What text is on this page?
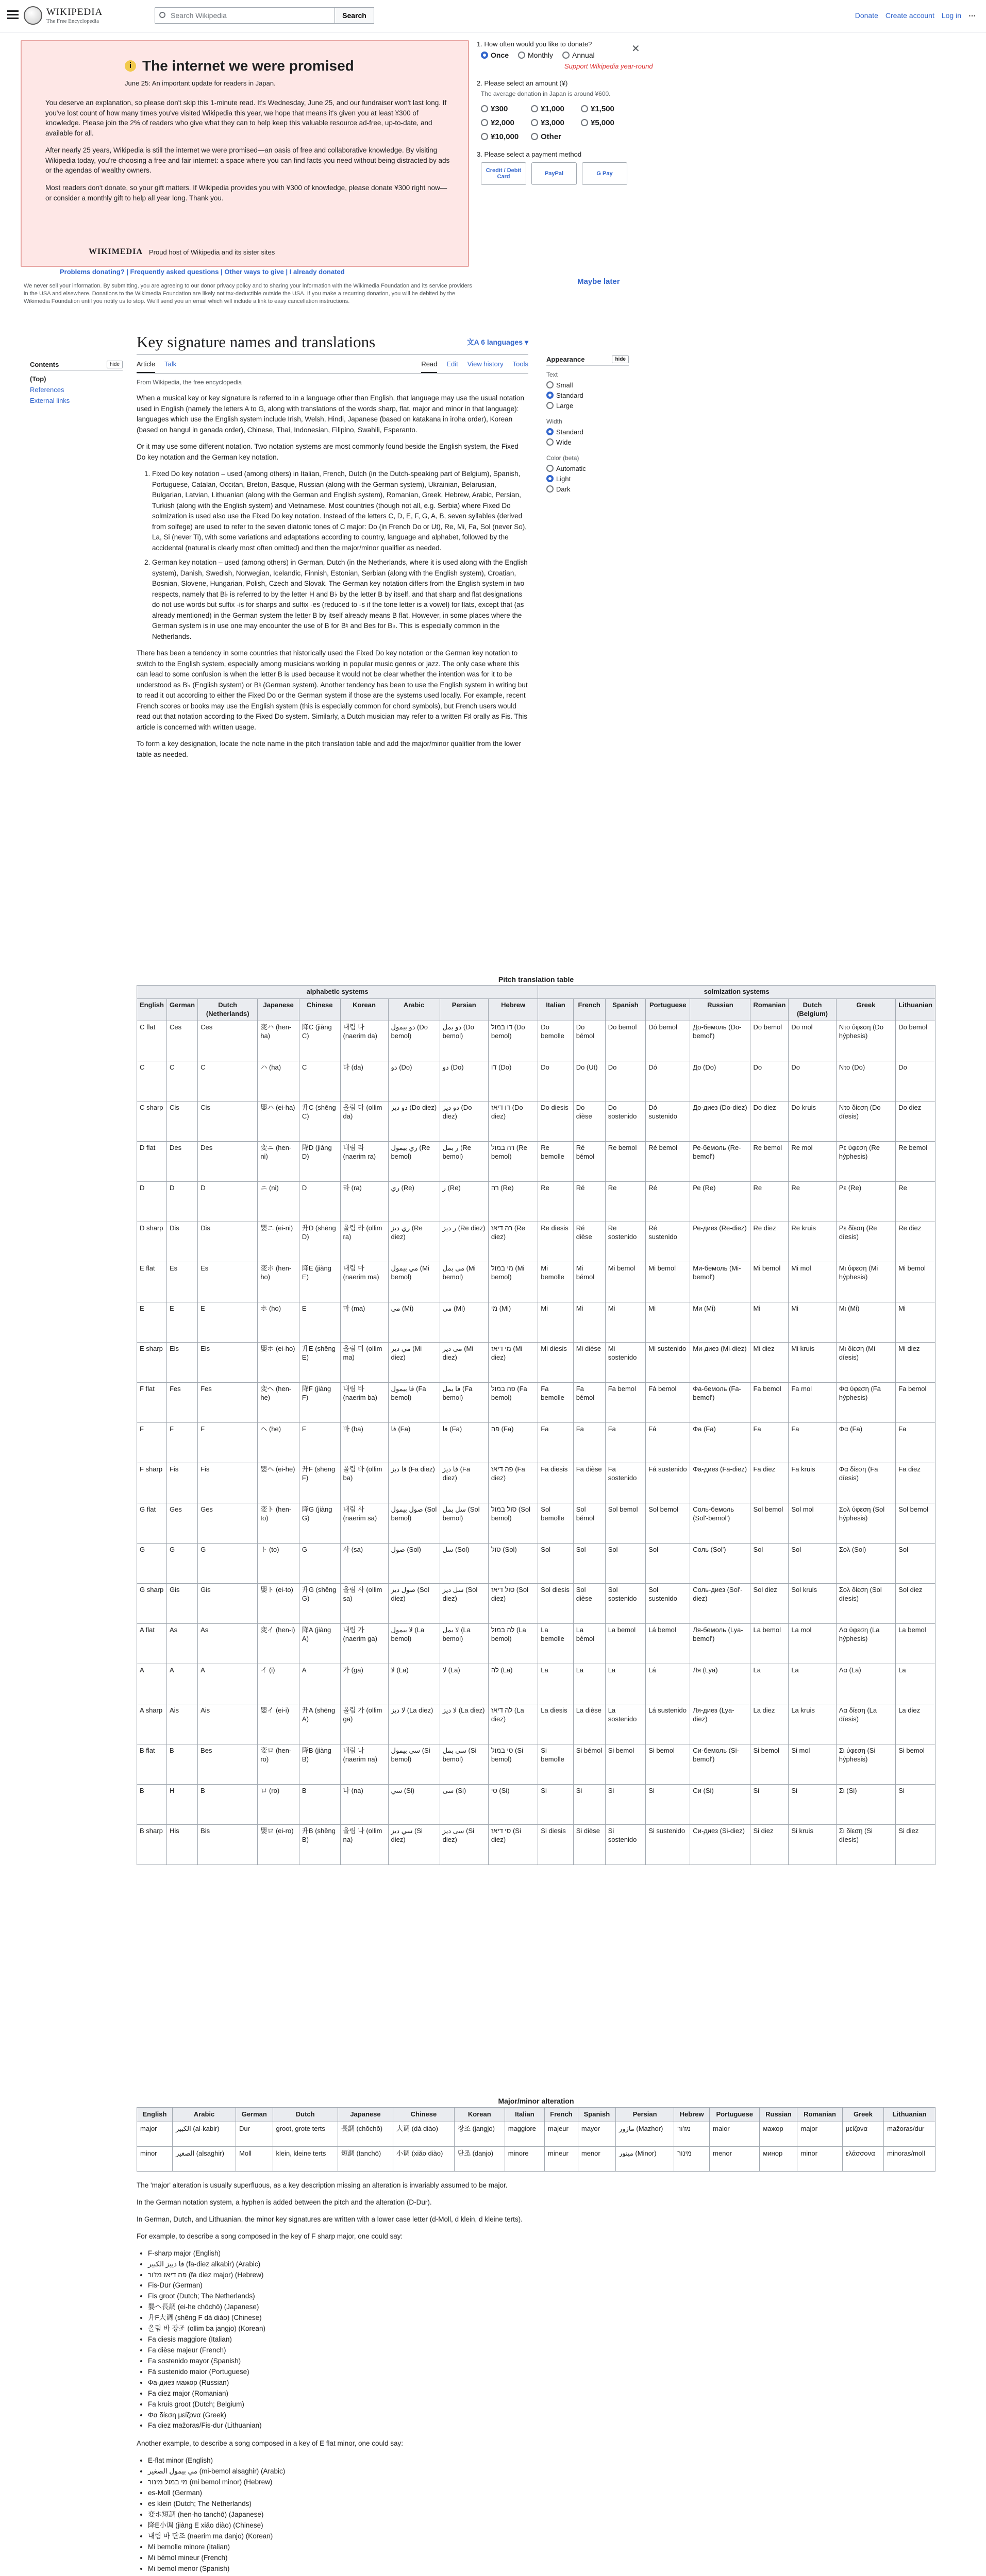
WIKIPEDIA
The Free Encyclopedia
Search Wikipedia
Search	Donate Create account Log in ⋯
i The internet we were promised
June 25: An important update for readers in Japan.

You deserve an explanation, so please don't skip this 1-minute read. It's Wednesday, June 25, and our fundraiser won't last long. If you've lost count of how many times you've visited Wikipedia this year, we hope that means it's given you at least ¥300 of knowledge. Please join the 2% of readers who give what they can to help keep this valuable resource ad-free, up-to-date, and available for all.

After nearly 25 years, Wikipedia is still the internet we were promised—an oasis of free and collaborative knowledge. By visiting Wikipedia today, you're choosing a free and fair internet: a space where you can find facts you need without being distracted by ads or the agendas of wealthy owners.

Most readers don't donate, so your gift matters. If Wikipedia provides you with ¥300 of knowledge, please donate ¥300 right now—or consider a monthly gift to help all year long. Thank you.

WIKIMEDIA Proud host of Wikipedia and its sister sites
✕
1. How often would you like to donate?
Once	Monthly	Annual
Support Wikipedia year-round
2. Please select an amount (¥)
The average donation in Japan is around ¥600.
¥300	¥1,000	¥1,500
¥2,000	¥3,000	¥5,000
¥10,000	Other
3. Please select a payment method
Credit / Debit Card	PayPal	G Pay
Maybe later
Problems donating? | Frequently asked questions | Other ways to give | I already donated
We never sell your information. By submitting, you are agreeing to our donor privacy policy and to sharing your information with the Wikimedia Foundation and its service providers in the USA and elsewhere. Donations to the Wikimedia Foundation are likely not tax-deductible outside the USA. If you make a recurring donation, you will be debited by the Wikimedia Foundation until you notify us to stop. We'll send you an email which will include a link to easy cancellation instructions.
Contents	hide
(Top)
References
External links
Key signature names and translations	文A 6 languages ▾
Article Talk	Read Edit View history Tools
From Wikipedia, the free encyclopedia

When a musical key or key signature is referred to in a language other than English, that language may use the usual notation used in English (namely the letters A to G, along with translations of the words sharp, flat, major and minor in that language): languages which use the English system include Irish, Welsh, Hindi, Japanese (based on katakana in iroha order), Korean (based on hangul in ganada order), Chinese, Thai, Indonesian, Filipino, Swahili, Esperanto.

Or it may use some different notation. Two notation systems are most commonly found beside the English system, the Fixed Do key notation and the German key notation.

1. Fixed Do key notation – used (among others) in Italian, French, Dutch (in the Dutch-speaking part of Belgium), Spanish, Portuguese, Catalan, Occitan, Breton, Basque, Russian (along with the German system), Ukrainian, Belarusian, Bulgarian, Latvian, Lithuanian (along with the German and English system), Romanian, Greek, Hebrew, Arabic, Persian, Turkish (along with the English system) and Vietnamese. Most countries (though not all, e.g. Serbia) where Fixed Do solmization is used also use the Fixed Do key notation. Instead of the letters C, D, E, F, G, A, B, seven syllables (derived from solfege) are used to refer to the seven diatonic tones of C major: Do (in French Do or Ut), Re, Mi, Fa, Sol (never So), La, Si (never Ti), with some variations and adaptations according to country, language and alphabet, followed by the accidental (natural is clearly most often omitted) and then the major/minor qualifier as needed.
2. German key notation – used (among others) in German, Dutch (in the Netherlands, where it is used along with the English system), Danish, Swedish, Norwegian, Icelandic, Finnish, Estonian, Serbian (along with the English system), Croatian, Bosnian, Slovene, Hungarian, Polish, Czech and Slovak. The German key notation differs from the English system in two respects, namely that B♭ is referred to by the letter H and B♭ by the letter B by itself, and that sharp and flat designations do not use words but suffix -is for sharps and suffix -es (reduced to -s if the tone letter is a vowel) for flats, except that (as already mentioned) in the German system the letter B by itself already means B flat. However, in some places where the German system is in use one may encounter the use of B for B♮ and Bes for B♭. This is especially common in the Netherlands.

There has been a tendency in some countries that historically used the Fixed Do key notation or the German key notation to switch to the English system, especially among musicians working in popular music genres or jazz. The only case where this can lead to some confusion is when the letter B is used because it would not be clear whether the intention was for it to be understood as B♭ (English system) or B♮ (German system). Another tendency has been to use the English system in writing but to read it out according to either the Fixed Do or the German system if those are the systems used locally. For example, recent French scores or books may use the English system (this is especially common for chord symbols), but French users would read out that notation according to the Fixed Do system. Similarly, a Dutch musician may refer to a written F♯ orally as Fis. This article is concerned with written usage.

To form a key designation, locate the note name in the pitch translation table and add the major/minor qualifier from the lower table as needed.

Appearance	hide
Text
Small
Standard
Large
Width
Standard
Wide
Color (beta)
Automatic
Light
Dark
Pitch translation table
alphabetic systems									solmization systems								
English	German	Dutch (Netherlands)	Japanese	Chinese	Korean	Arabic	Persian	Hebrew	Italian	French	Spanish	Portuguese	Russian	Romanian	Dutch (Belgium)	Greek	Lithuanian
C flat	Ces	Ces	変ハ (hen-ha)	降C (jiàng C)	내림 다 (naerim da)	دو بیمول (Do bemol)	دو بمل (Do bemol)	דו במול (Do bemol)	Do bemolle	Do bémol	Do bemol	Dó bemol	До-бемоль (Do-bemol')	Do bemol	Do mol	Ντο ύφεση (Do hýphesis)	Do bemol
C	C	C	ハ (ha)	C	다 (da)	دو (Do)	دو (Do)	דו (Do)	Do	Do (Ut)	Do	Dó	До (Do)	Do	Do	Ντο (Do)	Do
C sharp	Cis	Cis	嬰ハ (ei-ha)	升C (shēng C)	올림 다 (ollim da)	دو دیز (Do diez)	دو دیز (Do diez)	דו דיאז (Do diez)	Do diesis	Do dièse	Do sostenido	Dó sustenido	До-диез (Do-diez)	Do diez	Do kruis	Ντο δίεση (Do díesis)	Do diez
D flat	Des	Des	変ニ (hen-ni)	降D (jiàng D)	내림 라 (naerim ra)	ري بیمول (Re bemol)	ر بمل (Re bemol)	רה במול (Re bemol)	Re bemolle	Ré bémol	Re bemol	Ré bemol	Ре-бемоль (Re-bemol')	Re bemol	Re mol	Ρε ύφεση (Re hýphesis)	Re bemol
D	D	D	ニ (ni)	D	라 (ra)	ري (Re)	ر (Re)	רה (Re)	Re	Ré	Re	Ré	Ре (Re)	Re	Re	Ρε (Re)	Re
D sharp	Dis	Dis	嬰ニ (ei-ni)	升D (shēng D)	올림 라 (ollim ra)	ري دیز (Re diez)	ر دیز (Re diez)	רה דיאז (Re diez)	Re diesis	Ré dièse	Re sostenido	Ré sustenido	Ре-диез (Re-diez)	Re diez	Re kruis	Ρε δίεση (Re díesis)	Re diez
E flat	Es	Es	変ホ (hen-ho)	降E (jiàng E)	내림 마 (naerim ma)	مي بیمول (Mi bemol)	می بمل (Mi bemol)	מי במול (Mi bemol)	Mi bemolle	Mi bémol	Mi bemol	Mi bemol	Ми-бемоль (Mi-bemol')	Mi bemol	Mi mol	Μι ύφεση (Mi hýphesis)	Mi bemol
E	E	E	ホ (ho)	E	마 (ma)	مي (Mi)	می (Mi)	מי (Mi)	Mi	Mi	Mi	Mi	Ми (Mi)	Mi	Mi	Μι (Mi)	Mi
E sharp	Eis	Eis	嬰ホ (ei-ho)	升E (shēng E)	올림 마 (ollim ma)	مي دیز (Mi diez)	می دیز (Mi diez)	מי דיאז (Mi diez)	Mi diesis	Mi dièse	Mi sostenido	Mi sustenido	Ми-диез (Mi-diez)	Mi diez	Mi kruis	Μι δίεση (Mi díesis)	Mi diez
F flat	Fes	Fes	変ヘ (hen-he)	降F (jiàng F)	내림 바 (naerim ba)	فا بیمول (Fa bemol)	فا بمل (Fa bemol)	פה במול (Fa bemol)	Fa bemolle	Fa bémol	Fa bemol	Fá bemol	Фа-бемоль (Fa-bemol')	Fa bemol	Fa mol	Φα ύφεση (Fa hýphesis)	Fa bemol
F	F	F	ヘ (he)	F	바 (ba)	فا (Fa)	فا (Fa)	פה (Fa)	Fa	Fa	Fa	Fá	Фа (Fa)	Fa	Fa	Φα (Fa)	Fa
F sharp	Fis	Fis	嬰ヘ (ei-he)	升F (shēng F)	올림 바 (ollim ba)	فا دیز (Fa diez)	فا دیز (Fa diez)	פה דיאז (Fa diez)	Fa diesis	Fa dièse	Fa sostenido	Fá sustenido	Фа-диез (Fa-diez)	Fa diez	Fa kruis	Φα δίεση (Fa díesis)	Fa diez
G flat	Ges	Ges	変ト (hen-to)	降G (jiàng G)	내림 사 (naerim sa)	صول بیمول (Sol bemol)	سل بمل (Sol bemol)	סול במול (Sol bemol)	Sol bemolle	Sol bémol	Sol bemol	Sol bemol	Соль-бемоль (Sol'-bemol')	Sol bemol	Sol mol	Σολ ύφεση (Sol hýphesis)	Sol bemol
G	G	G	ト (to)	G	사 (sa)	صول (Sol)	سل (Sol)	סול (Sol)	Sol	Sol	Sol	Sol	Соль (Sol')	Sol	Sol	Σολ (Sol)	Sol
G sharp	Gis	Gis	嬰ト (ei-to)	升G (shēng G)	올림 사 (ollim sa)	صول دیز (Sol diez)	سل دیز (Sol diez)	סול דיאז (Sol diez)	Sol diesis	Sol dièse	Sol sostenido	Sol sustenido	Соль-диез (Sol'-diez)	Sol diez	Sol kruis	Σολ δίεση (Sol díesis)	Sol diez
A flat	As	As	変イ (hen-i)	降A (jiàng A)	내림 가 (naerim ga)	لا بیمول (La bemol)	لا بمل (La bemol)	לה במול (La bemol)	La bemolle	La bémol	La bemol	Lá bemol	Ля-бемоль (Lya-bemol')	La bemol	La mol	Λα ύφεση (La hýphesis)	La bemol
A	A	A	イ (i)	A	가 (ga)	لا (La)	لا (La)	לה (La)	La	La	La	Lá	Ля (Lya)	La	La	Λα (La)	La
A sharp	Ais	Ais	嬰イ (ei-i)	升A (shēng A)	올림 가 (ollim ga)	لا دیز (La diez)	لا دیز (La diez)	לה דיאז (La diez)	La diesis	La dièse	La sostenido	Lá sustenido	Ля-диез (Lya-diez)	La diez	La kruis	Λα δίεση (La díesis)	La diez
B flat	B	Bes	変ロ (hen-ro)	降B (jiàng B)	내림 나 (naerim na)	سي بیمول (Si bemol)	سی بمل (Si bemol)	סי במול (Si bemol)	Si bemolle	Si bémol	Si bemol	Si bemol	Си-бемоль (Si-bemol')	Si bemol	Si mol	Σι ύφεση (Si hýphesis)	Si bemol
B	H	B	ロ (ro)	B	나 (na)	سي (Si)	سی (Si)	סי (Si)	Si	Si	Si	Si	Си (Si)	Si	Si	Σι (Si)	Si
B sharp	His	Bis	嬰ロ (ei-ro)	升B (shēng B)	올림 나 (ollim na)	سي دیز (Si diez)	سی دیز (Si diez)	סי דיאז (Si diez)	Si diesis	Si dièse	Si sostenido	Si sustenido	Си-диез (Si-diez)	Si diez	Si kruis	Σι δίεση (Si díesis)	Si diez
Major/minor alteration
English	Arabic	German	Dutch	Japanese	Chinese	Korean	Italian	French	Spanish	Persian	Hebrew	Portuguese	Russian	Romanian	Greek	Lithuanian
major	الكبير (al-kabir)	Dur	groot, grote terts	長調 (chōchō)	大调 (dà diào)	장조 (jangjo)	maggiore	majeur	mayor	ماژور (Mazhor)	מז'ור	maior	мажор	major	μείζονα	mažoras/dur
minor	الصغير (alsaghir)	Moll	klein, kleine terts	短調 (tanchō)	小调 (xiǎo diào)	단조 (danjo)	minore	mineur	menor	مینور (Minor)	מינור	menor	минор	minor	ελάσσονα	minoras/moll

The 'major' alteration is usually superfluous, as a key description missing an alteration is invariably assumed to be major.

In the German notation system, a hyphen is added between the pitch and the alteration (D-Dur).

In German, Dutch, and Lithuanian, the minor key signatures are written with a lower case letter (d-Moll, d klein, d kleine terts).

For example, to describe a song composed in the key of F sharp major, one could say:

• F-sharp major (English)
• فا دييز الكبير (fa-diez alkabir) (Arabic)
• פה דיאז מז'ור (fa diez major) (Hebrew)
• Fis-Dur (German)
• Fis groot (Dutch; The Netherlands)
• 嬰ヘ長調 (ei-he chōchō) (Japanese)
• 升F大调 (shēng F dà diào) (Chinese)
• 올림 바 장조 (ollim ba jangjo) (Korean)
• Fa diesis maggiore (Italian)
• Fa dièse majeur (French)
• Fa sostenido mayor (Spanish)
• Fá sustenido maior (Portuguese)
• Фа-диез мажор (Russian)
• Fa diez major (Romanian)
• Fa kruis groot (Dutch; Belgium)
• Φα δίεση μείζονα (Greek)
• Fa diez mažoras/Fis-dur (Lithuanian)

Another example, to describe a song composed in a key of E flat minor, one could say:

• E-flat minor (English)
• مي بيمول الصغير (mi-bemol alsaghir) (Arabic)
• מי במול מינור (mi bemol minor) (Hebrew)
• es-Moll (German)
• es klein (Dutch; The Netherlands)
• 変ホ短調 (hen-ho tanchō) (Japanese)
• 降E小调 (jiàng E xiǎo diào) (Chinese)
• 내림 마 단조 (naerim ma danjo) (Korean)
• Mi bemolle minore (Italian)
• Mi bémol mineur (French)
• Mi bemol menor (Spanish)
•
